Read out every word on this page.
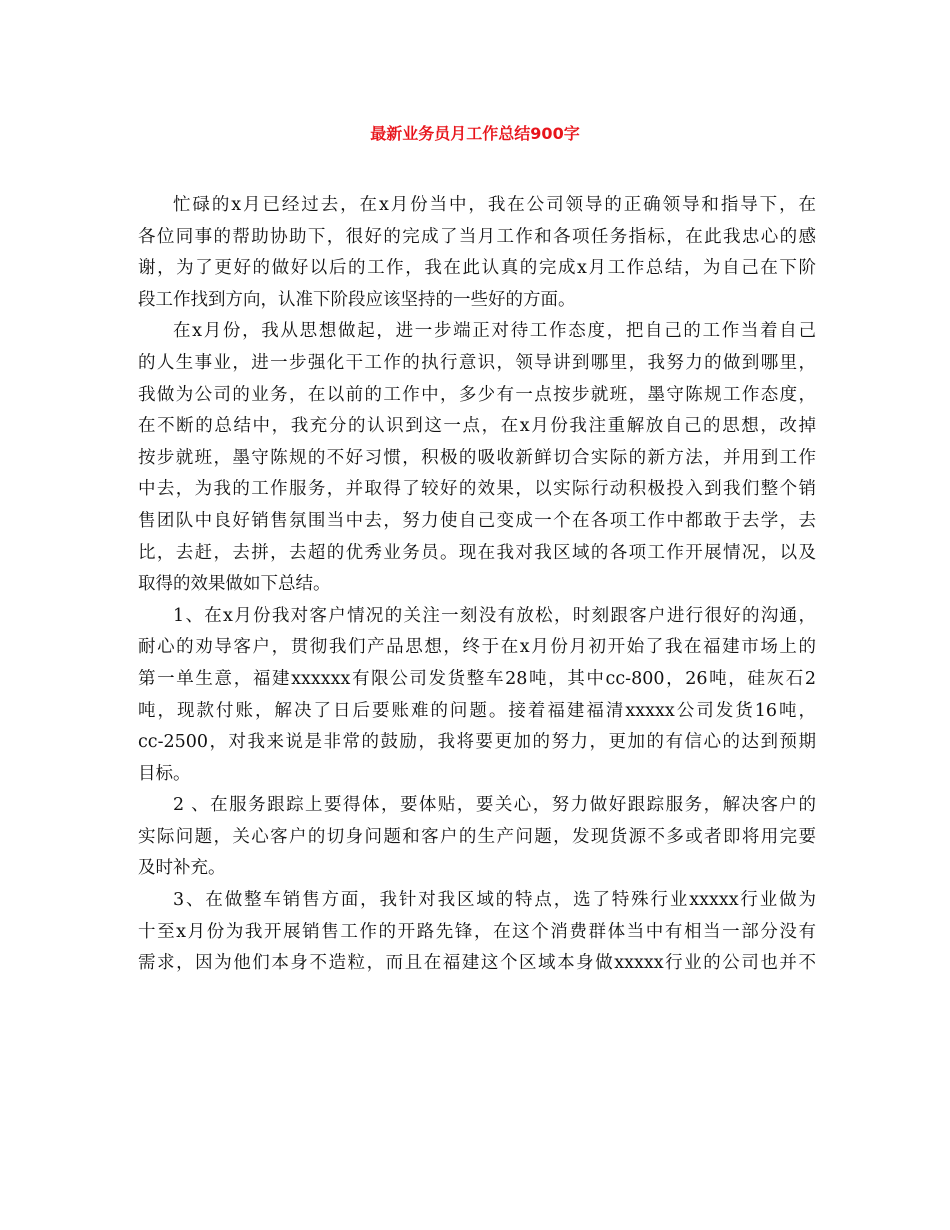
最新业务员月工作总结900字
忙碌的x月已经过去，在x月份当中，我在公司领导的正确领导和指导下，在
各位同事的帮助协助下，很好的完成了当月工作和各项任务指标，在此我忠心的感
谢，为了更好的做好以后的工作，我在此认真的完成x月工作总结，为自己在下阶
段工作找到方向，认准下阶段应该坚持的一些好的方面。
在x月份，我从思想做起，进一步端正对待工作态度，把自己的工作当着自己
的人生事业，进一步强化干工作的执行意识，领导讲到哪里，我努力的做到哪里，
我做为公司的业务，在以前的工作中，多少有一点按步就班，墨守陈规工作态度，
在不断的总结中，我充分的认识到这一点，在x月份我注重解放自己的思想，改掉
按步就班，墨守陈规的不好习惯，积极的吸收新鲜切合实际的新方法，并用到工作
中去，为我的工作服务，并取得了较好的效果，以实际行动积极投入到我们整个销
售团队中良好销售氛围当中去，努力使自己变成一个在各项工作中都敢于去学，去
比，去赶，去拼，去超的优秀业务员。现在我对我区域的各项工作开展情况，以及
取得的效果做如下总结。
1、在x月份我对客户情况的关注一刻没有放松，时刻跟客户进行很好的沟通，
耐心的劝导客户，贯彻我们产品思想，终于在x月份月初开始了我在福建市场上的
第一单生意，福建xxxxxx有限公司发货整车28吨，其中cc-800，26吨，硅灰石2
吨，现款付账，解决了日后要账难的问题。接着福建福清xxxxx公司发货16吨，
cc-2500，对我来说是非常的鼓励，我将要更加的努力，更加的有信心的达到预期
目标。
2 、在服务跟踪上要得体，要体贴，要关心，努力做好跟踪服务，解决客户的
实际问题，关心客户的切身问题和客户的生产问题，发现货源不多或者即将用完要
及时补充。
3、在做整车销售方面，我针对我区域的特点，选了特殊行业xxxxx行业做为
十至x月份为我开展销售工作的开路先锋，在这个消费群体当中有相当一部分没有
需求，因为他们本身不造粒，而且在福建这个区域本身做xxxxx行业的公司也并不
